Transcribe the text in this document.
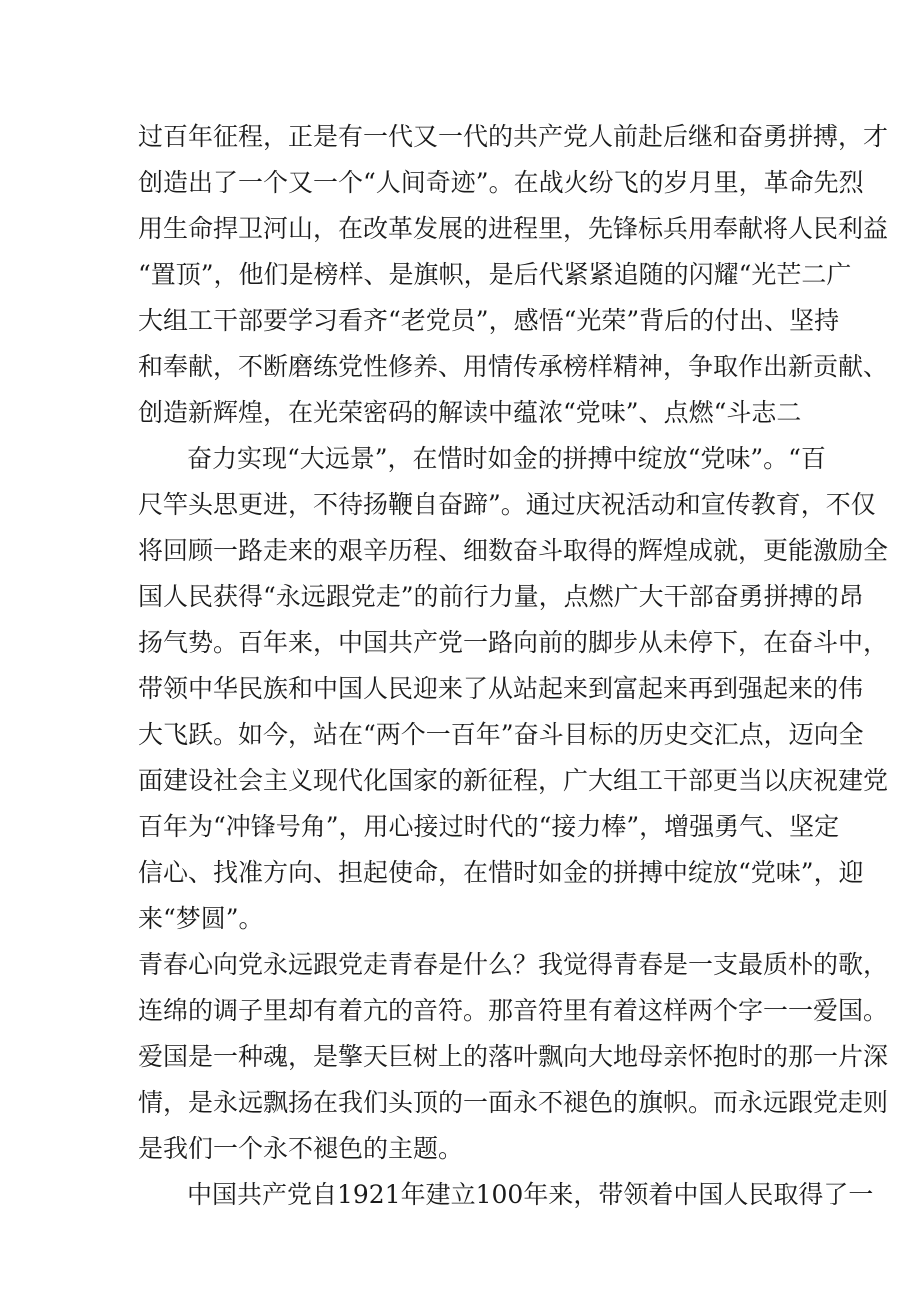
过百年征程，正是有一代又一代的共产党人前赴后继和奋勇拼搏，才
创造出了一个又一个“人间奇迹”。在战火纷飞的岁月里，革命先烈
用生命捍卫河山，在改革发展的进程里，先锋标兵用奉献将人民利益
“置顶”，他们是榜样、是旗帜，是后代紧紧追随的闪耀“光芒二广
大组工干部要学习看齐“老党员”，感悟“光荣”背后的付出、坚持
和奉献，不断磨练党性修养、用情传承榜样精神，争取作出新贡献、
创造新辉煌，在光荣密码的解读中蕴浓“党味”、点燃“斗志二
奋力实现“大远景”，在惜时如金的拼搏中绽放“党味”。“百
尺竿头思更进，不待扬鞭自奋蹄”。通过庆祝活动和宣传教育，不仅
将回顾一路走来的艰辛历程、细数奋斗取得的辉煌成就，更能激励全
国人民获得“永远跟党走”的前行力量，点燃广大干部奋勇拼搏的昂
扬气势。百年来，中国共产党一路向前的脚步从未停下，在奋斗中，
带领中华民族和中国人民迎来了从站起来到富起来再到强起来的伟
大飞跃。如今，站在“两个一百年”奋斗目标的历史交汇点，迈向全
面建设社会主义现代化国家的新征程，广大组工干部更当以庆祝建党
百年为“冲锋号角”，用心接过时代的“接力棒”，增强勇气、坚定
信心、找准方向、担起使命，在惜时如金的拼搏中绽放“党味”，迎
来“梦圆”。
青春心向党永远跟党走青春是什么？我觉得青春是一支最质朴的歌，
连绵的调子里却有着亢的音符。那音符里有着这样两个字一一爱国。
爱国是一种魂，是擎天巨树上的落叶飘向大地母亲怀抱时的那一片深
情，是永远飘扬在我们头顶的一面永不褪色的旗帜。而永远跟党走则
是我们一个永不褪色的主题。
中国共产党自1921年建立100年来，带领着中国人民取得了一
